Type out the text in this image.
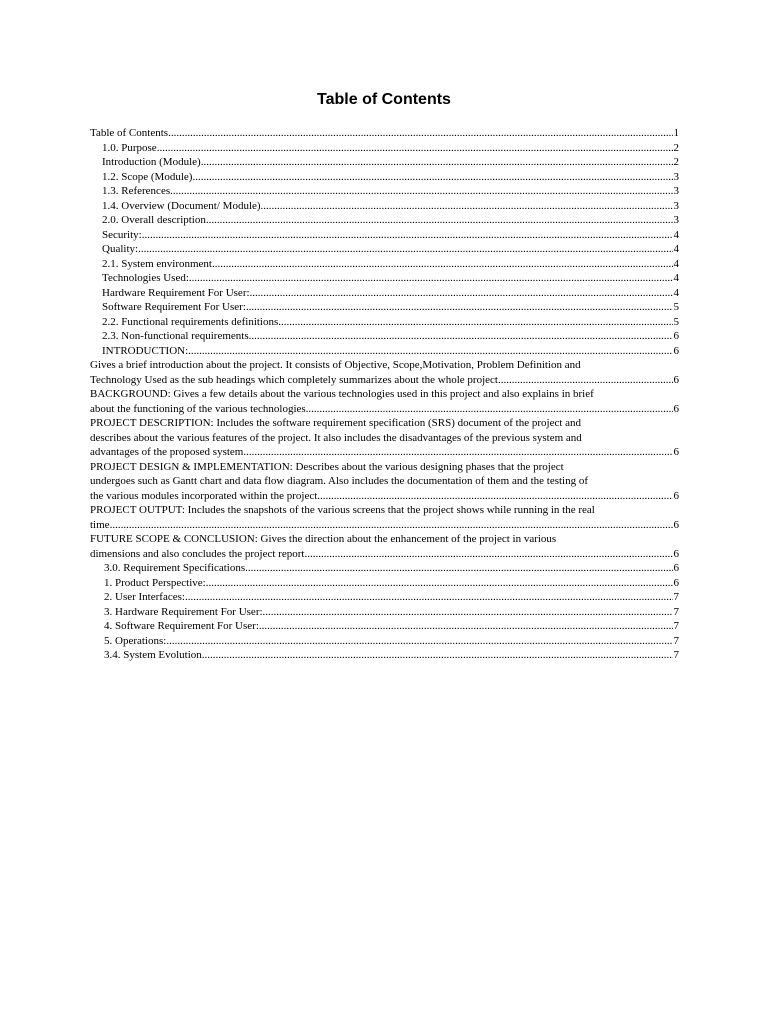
Table of Contents
Table of Contents .....	1
1.0. Purpose .....	2
Introduction (Module) .....	2
1.2. Scope (Module) .....	3
1.3. References .....	3
1.4. Overview (Document/ Module) .....	3
2.0. Overall description .....	3
Security: .....	4
Quality: .....	4
2.1. System environment .....	4
Technologies Used: .....	4
Hardware Requirement For User: .....	4
Software Requirement For User: .....	5
2.2. Functional requirements definitions .....	5
2.3. Non-functional requirements .....	6
INTRODUCTION: .....	6
Gives a brief introduction about the project. It consists of Objective, Scope,Motivation, Problem Definition and
Technology Used as the sub headings which completely summarizes about the whole project .....	6
BACKGROUND: Gives a few details about the various technologies used in this project and also explains in brief
about the functioning of the various technologies .....	6
PROJECT DESCRIPTION: Includes the software requirement specification (SRS) document of the project and
describes about the various features of the project. It also includes the disadvantages of the previous system and
advantages of the proposed system .....	6
PROJECT DESIGN & IMPLEMENTATION: Describes about the various designing phases that the project
undergoes such as Gantt chart and data flow diagram. Also includes the documentation of them and the testing of
the various modules incorporated within the project .....	6
PROJECT OUTPUT: Includes the snapshots of the various screens that the project shows while running in the real
time .....	6
FUTURE SCOPE & CONCLUSION: Gives the direction about the enhancement of the project in various
dimensions and also concludes the project report .....	6
3.0. Requirement Specifications .....	6
1. Product Perspective: .....	6
2. User Interfaces: .....	7
3. Hardware Requirement For User: .....	7
4. Software Requirement For User: .....	7
5. Operations: .....	7
3.4. System Evolution .....	7
